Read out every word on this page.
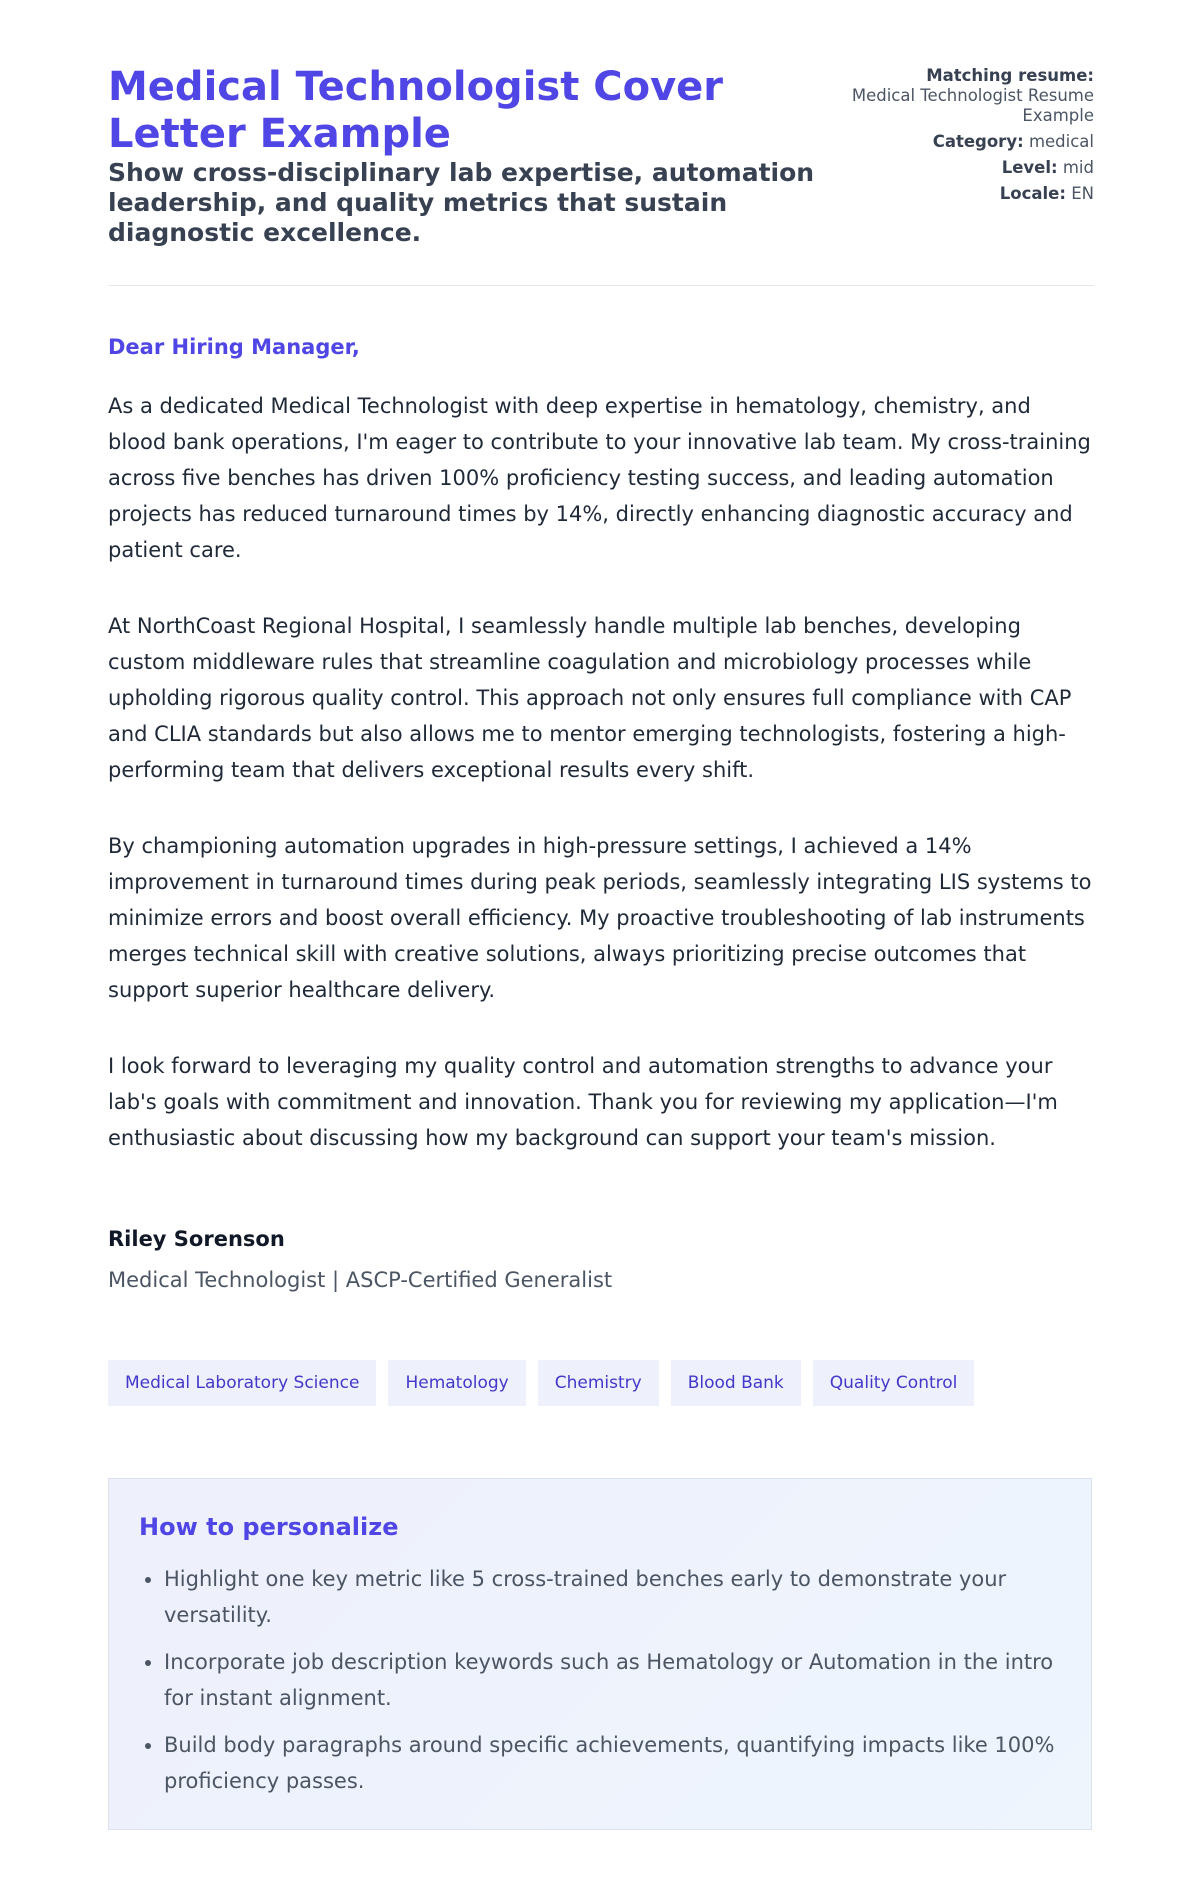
Medical Technologist Cover Letter Example
Show cross-disciplinary lab expertise, automation leadership, and quality metrics that sustain diagnostic excellence.
Matching resume:
Medical Technologist Resume Example
Category: medical
Level: mid
Locale: EN

Dear Hiring Manager,

As a dedicated Medical Technologist with deep expertise in hematology, chemistry, and blood bank operations, I'm eager to contribute to your innovative lab team. My cross-training across five benches has driven 100% proficiency testing success, and leading automation projects has reduced turnaround times by 14%, directly enhancing diagnostic accuracy and patient care.

At NorthCoast Regional Hospital, I seamlessly handle multiple lab benches, developing custom middleware rules that streamline coagulation and microbiology processes while upholding rigorous quality control. This approach not only ensures full compliance with CAP and CLIA standards but also allows me to mentor emerging technologists, fostering a high-performing team that delivers exceptional results every shift.

By championing automation upgrades in high-pressure settings, I achieved a 14% improvement in turnaround times during peak periods, seamlessly integrating LIS systems to minimize errors and boost overall efficiency. My proactive troubleshooting of lab instruments merges technical skill with creative solutions, always prioritizing precise outcomes that support superior healthcare delivery.

I look forward to leveraging my quality control and automation strengths to advance your lab's goals with commitment and innovation. Thank you for reviewing my application—I'm enthusiastic about discussing how my background can support your team's mission.

Riley Sorenson
Medical Technologist | ASCP-Certified Generalist
Medical Laboratory Science	Hematology	Chemistry	Blood Bank	Quality Control
How to personalize
• Highlight one key metric like 5 cross-trained benches early to demonstrate your versatility.
• Incorporate job description keywords such as Hematology or Automation in the intro for instant alignment.
• Build body paragraphs around specific achievements, quantifying impacts like 100% proficiency passes.
